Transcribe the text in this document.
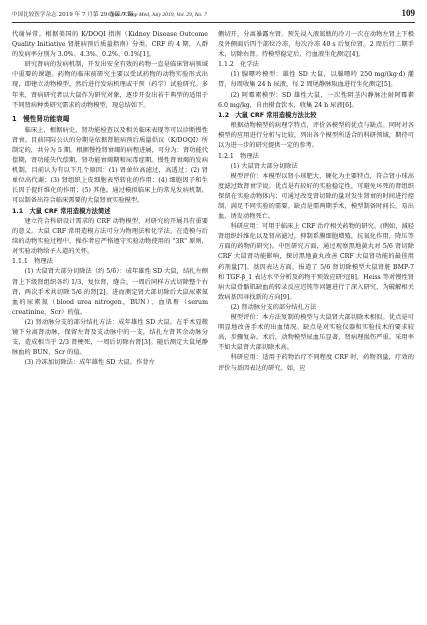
中国比较医学杂志 2019 年 7 月第 29 卷第 7 期
Chin J Comp Med, July 2019, Vol. 29, No. 7	109

代谢异常。根据美国的 K/DOQI 指南（Kidney Disease Outcome Quality Initiative 肾脏病预后质量指南）分类，CRF 的 4 期，人群的发病率分别为 3.0%、4.3%、0.2%、0.1%[1]。

研究肾病的发病机制，开发出安全有效的药物一直是临床肾病领域中重要的课题。药物的临床前研究主要以受试药物的动物实验形式出现，即建立动物模型，然后进行发病机理或干预（药学）试验研究。多年来，肾病研究者以大鼠作为研究对象，逐步开发出若干典型的适用于不同肾病种类研究需求的动物模型，现总结如下。

1　慢性肾功能衰竭

临床上，根据病史，肾功能检查以及相关临床表现等可以诊断慢性肾衰。目前国际公认的分期是依据肾脏病预后质量倡议（K/DOQI）所制定的，共分为 5 期。根据慢性肾衰竭的病程进展，可分为：肾功能代偿期，肾功能失代偿期，肾功能衰竭期和尿毒症期。慢性肾衰竭的发病机制，目前认为有以下几个原因：(1) 肾单位高滤过，高透过；(2) 肾单位高代谢；(3) 肾组织上皮细胞表型转化的作用；(4) 细胞因子和生长因子促纤维化的作用；(5) 其他。通过模拟临床上的常见发病机制，可以制备出符合临床需要的大鼠肾衰实验模型。

1.1　大鼠 CRF 常用造模方法简述

建立符合科研设计需求的 CRF 动物模型，对研究的开展具有重要的意义。大鼠 CRF 常用造模方法可分为物理法和化学法。在造模与后续的动物实验过程中，操作者应严格遵守实验动物使用的 "3R" 原则，对实验动物给予人道的关怀。

1.1.1　物理法

(1) 大鼠肾大部分切除法（约 5/6）：成年雄性 SD 大鼠，结扎左侧肾上下级肾组织各约 1/3，复位肾，缝合。一周后同样方式切除整个右肾，两次手术共切除 5/6 的肾[2]。进而测定肾大部切除后大鼠尿素氮血的尿素氮（blood urea nitrogen，BUN）、血肌酐（serum creatinine，Scr）的值。

(2) 肾动脉分支的部分结扎方法：成年雄性 SD 大鼠。在手术显微镜下分离肾动脉，保留左肾及支动脉中的一支，结扎左肾其余动脉分支，造成相当于 2/3 肾梗死，一周后切除右肾[3]。随后测定大鼠尾静脉血的 BUN、Scr 的值。

(3) 冷冻加切除法：成年雄性 SD 大鼠。作背左

侧切开，分离暴露左肾。预先浸入液氮瓶的冷刀一次在动物左肾上下极及外侧面后四个部位冷冻，每次冷冻 40 s 后复位肾。2 周后行二期手术，切除右肾。待模型稳定后，行血液生化测定[4]。

1.1.2　化学法

(1) 腺嘌呤模型：雄性 SD 大鼠，以腺嘌呤 250 mg/(kg·d) 灌胃，每周收集 24 h 尿液，每 2 周尾静脉取血进行生化测定[5]。

(2) 阿霉素模型：SD 雄性大鼠，一次性阴茎内静脉注射阿霉素 6.0 mg/kg，自由摄食饮水，收集 24 h 尿液[6]。

1.2　大鼠 CRF 常用造模方法比较

根据动物模型的病理学特点，评价各模型的优点与缺点。同时对各模型的应用进行分析与比较，列出各个模型所适合的科研领域，期待可以为进一步的研究提供一定的参考。

1.2.1　物理法

(1) 大鼠肾大部分切除法

模型评价：本模型以肾小球肥大，硬化为主要特点，符合肾小球高度滤过致肾衰学说。优点是有较好的实验稳定性，可避免坏死的肾组织保留在实验动物体内；可通过改变肾切除的量对发生肾衰的时间进行控制，满足不同实验的需要。缺点是需两期手术，模型制备时间长，易出血，诱发动物死亡。

科研应用：可用于临床上 CRF 治疗相关药物的研究。(例如，減轻肾组织纤维化以及肾高滤过，抑制系膜细胞增殖，抗氧化作用，降压等方面的药物的研究)。中医研究方面，通过观察黑地黄丸对 5/6 肾切除 CRF 大鼠肾功能影响，探讨黑地黄丸改善 CRF 大鼠肾功能的最佳用药剂量[7]。基因表达方面，报道了 5/6 肾切除模型大鼠肾脏 BMP-7 和 TGF-β_1 表达水平分析及药物干预效应研究[8]。Heiss 等对慢性肾病大鼠骨骼肌缺血的转录反应迟钝等问题进行了深入研究，为破解相关致病基因寻找新的方向[9]。

(2) 肾动脉分支的部分结扎方法

模型评价：本方法复制的模型与大鼠肾大部切除术相似。优点是可明显地改善手术的出血情况。缺点是对实验仪器和实验技术的要求较高，步骤复杂。术后，动物模型尿血压显著，肾病理损伤严重。采用率不如大鼠肾大部切除术高。

科研应用：适用于药物治疗不同程度 CRF 时，药物剂量，疗效的评价与基因表达的研究。如，应
